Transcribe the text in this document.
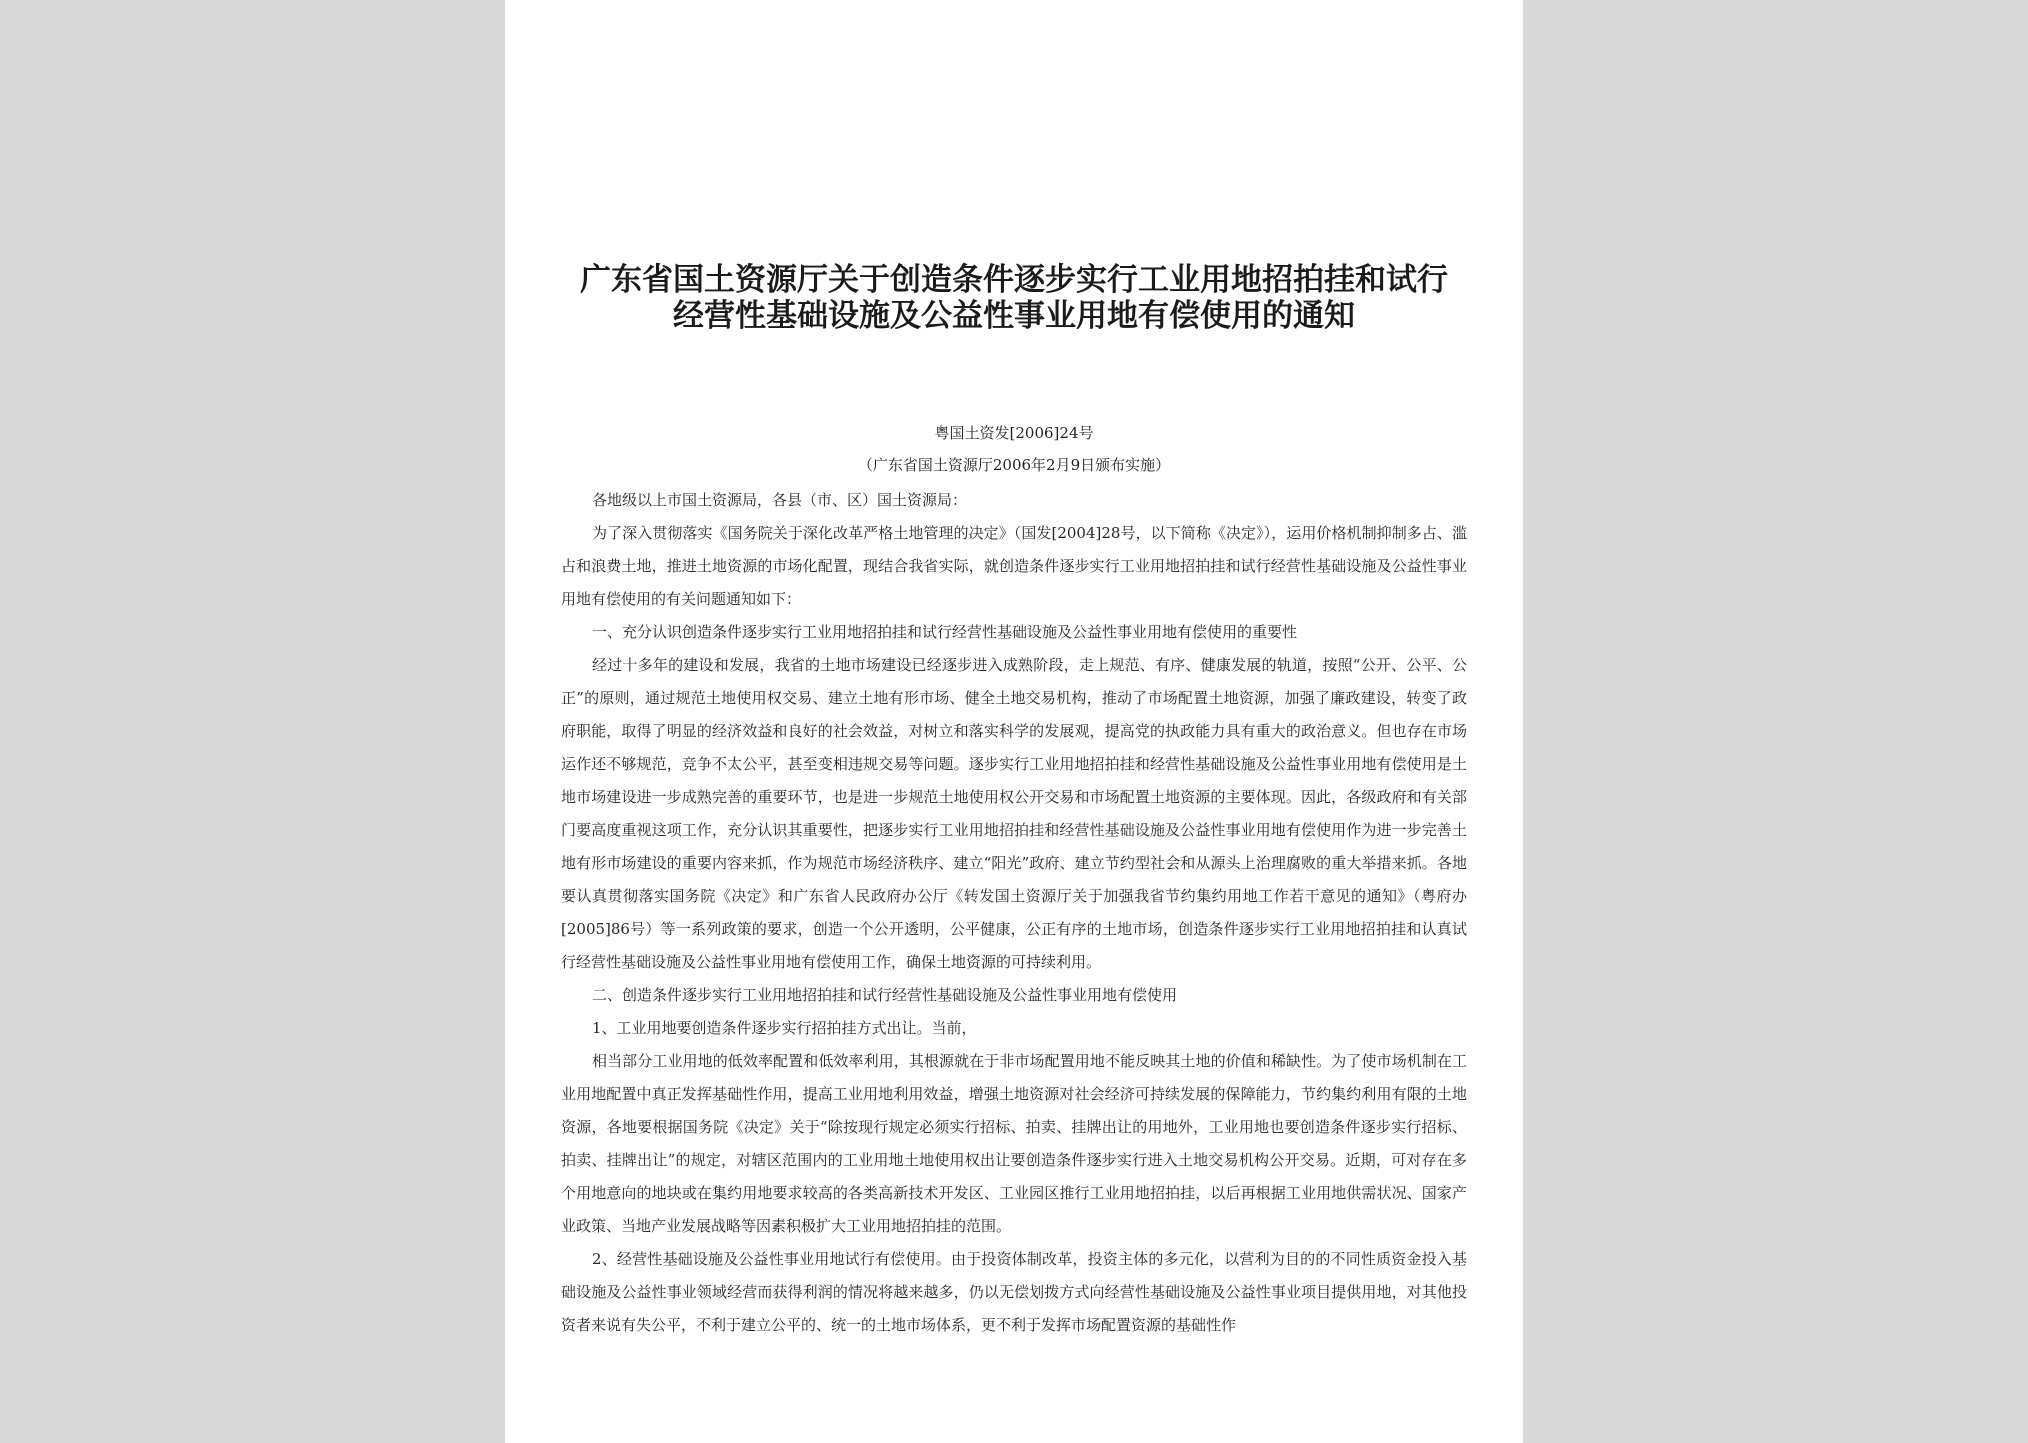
广东省国土资源厅关于创造条件逐步实行工业用地招拍挂和试行经营性基础设施及公益性事业用地有偿使用的通知
粤国土资发[2006]24号
（广东省国土资源厅2006年2月9日颁布实施）

各地级以上市国土资源局，各县（市、区）国土资源局：

为了深入贯彻落实《国务院关于深化改革严格土地管理的决定》（国发[2004]28号，以下简称《决定》），运用价格机制抑制多占、滥占和浪费土地，推进土地资源的市场化配置，现结合我省实际，就创造条件逐步实行工业用地招拍挂和试行经营性基础设施及公益性事业用地有偿使用的有关问题通知如下：

一、充分认识创造条件逐步实行工业用地招拍挂和试行经营性基础设施及公益性事业用地有偿使用的重要性

经过十多年的建设和发展，我省的土地市场建设已经逐步进入成熟阶段，走上规范、有序、健康发展的轨道，按照“公开、公平、公正”的原则，通过规范土地使用权交易、建立土地有形市场、健全土地交易机构，推动了市场配置土地资源，加强了廉政建设，转变了政府职能，取得了明显的经济效益和良好的社会效益，对树立和落实科学的发展观，提高党的执政能力具有重大的政治意义。但也存在市场运作还不够规范，竞争不太公平，甚至变相违规交易等问题。逐步实行工业用地招拍挂和经营性基础设施及公益性事业用地有偿使用是土地市场建设进一步成熟完善的重要环节，也是进一步规范土地使用权公开交易和市场配置土地资源的主要体现。因此，各级政府和有关部门要高度重视这项工作，充分认识其重要性，把逐步实行工业用地招拍挂和经营性基础设施及公益性事业用地有偿使用作为进一步完善土地有形市场建设的重要内容来抓，作为规范市场经济秩序、建立“阳光”政府、建立节约型社会和从源头上治理腐败的重大举措来抓。各地要认真贯彻落实国务院《决定》和广东省人民政府办公厅《转发国土资源厅关于加强我省节约集约用地工作若干意见的通知》（粤府办[2005]86号）等一系列政策的要求，创造一个公开透明，公平健康，公正有序的土地市场，创造条件逐步实行工业用地招拍挂和认真试行经营性基础设施及公益性事业用地有偿使用工作，确保土地资源的可持续利用。

二、创造条件逐步实行工业用地招拍挂和试行经营性基础设施及公益性事业用地有偿使用

1、工业用地要创造条件逐步实行招拍挂方式出让。当前，

相当部分工业用地的低效率配置和低效率利用，其根源就在于非市场配置用地不能反映其土地的价值和稀缺性。为了使市场机制在工业用地配置中真正发挥基础性作用，提高工业用地利用效益，增强土地资源对社会经济可持续发展的保障能力，节约集约利用有限的土地资源，各地要根据国务院《决定》关于“除按现行规定必须实行招标、拍卖、挂牌出让的用地外，工业用地也要创造条件逐步实行招标、拍卖、挂牌出让”的规定，对辖区范围内的工业用地土地使用权出让要创造条件逐步实行进入土地交易机构公开交易。近期，可对存在多个用地意向的地块或在集约用地要求较高的各类高新技术开发区、工业园区推行工业用地招拍挂，以后再根据工业用地供需状况、国家产业政策、当地产业发展战略等因素积极扩大工业用地招拍挂的范围。

2、经营性基础设施及公益性事业用地试行有偿使用。由于投资体制改革，投资主体的多元化，以营利为目的的不同性质资金投入基础设施及公益性事业领域经营而获得利润的情况将越来越多，仍以无偿划拨方式向经营性基础设施及公益性事业项目提供用地，对其他投资者来说有失公平，不利于建立公平的、统一的土地市场体系，更不利于发挥市场配置资源的基础性作
